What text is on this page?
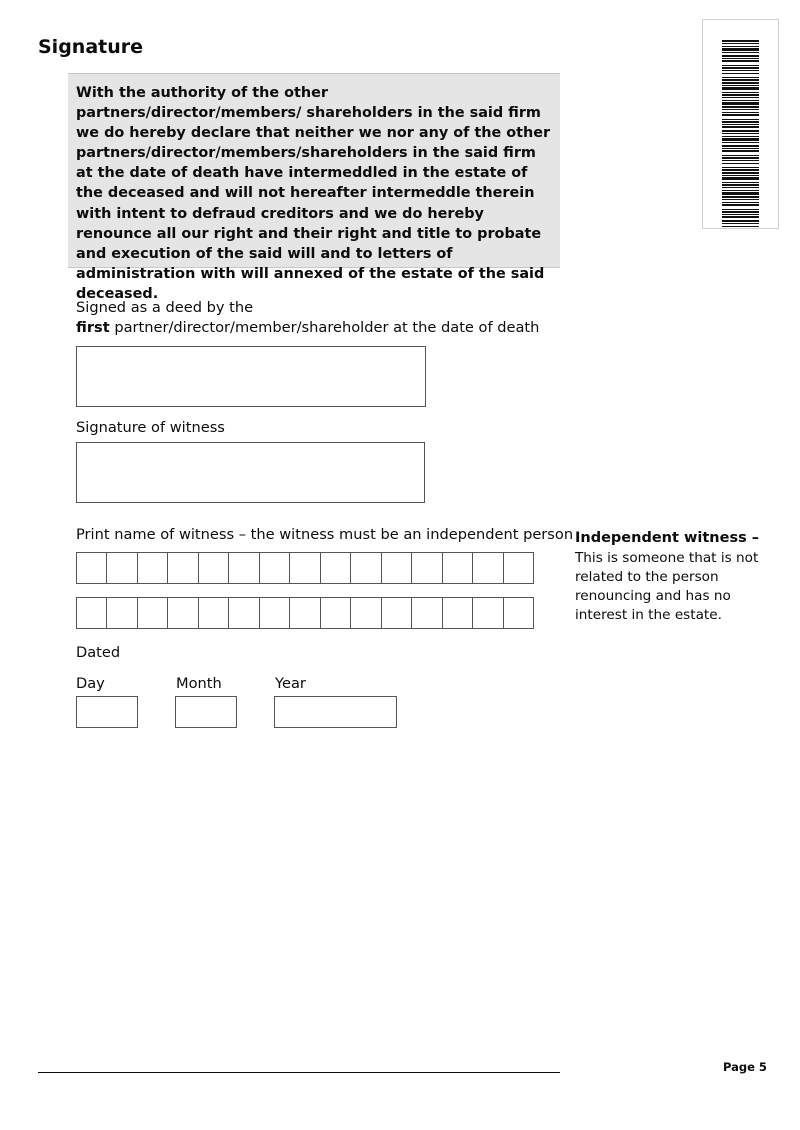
Signature
With the authority of the other partners/director/members/ shareholders in the said firm we do hereby declare that neither we nor any of the other partners/director/members/shareholders in the said firm at the date of death have intermeddled in the estate of the deceased and will not hereafter intermeddle therein with intent to defraud creditors and we do hereby renounce all our right and their right and title to probate and execution of the said will and to letters of administration with will annexed of the estate of the said deceased.
Signed as a deed by the
first partner/director/member/shareholder at the date of death
Signature of witness
Print name of witness – the witness must be an independent person Independent witness –
This is someone that is not related to the person renouncing and has no interest in the estate.
Dated
Day	Month	Year
Page 5
